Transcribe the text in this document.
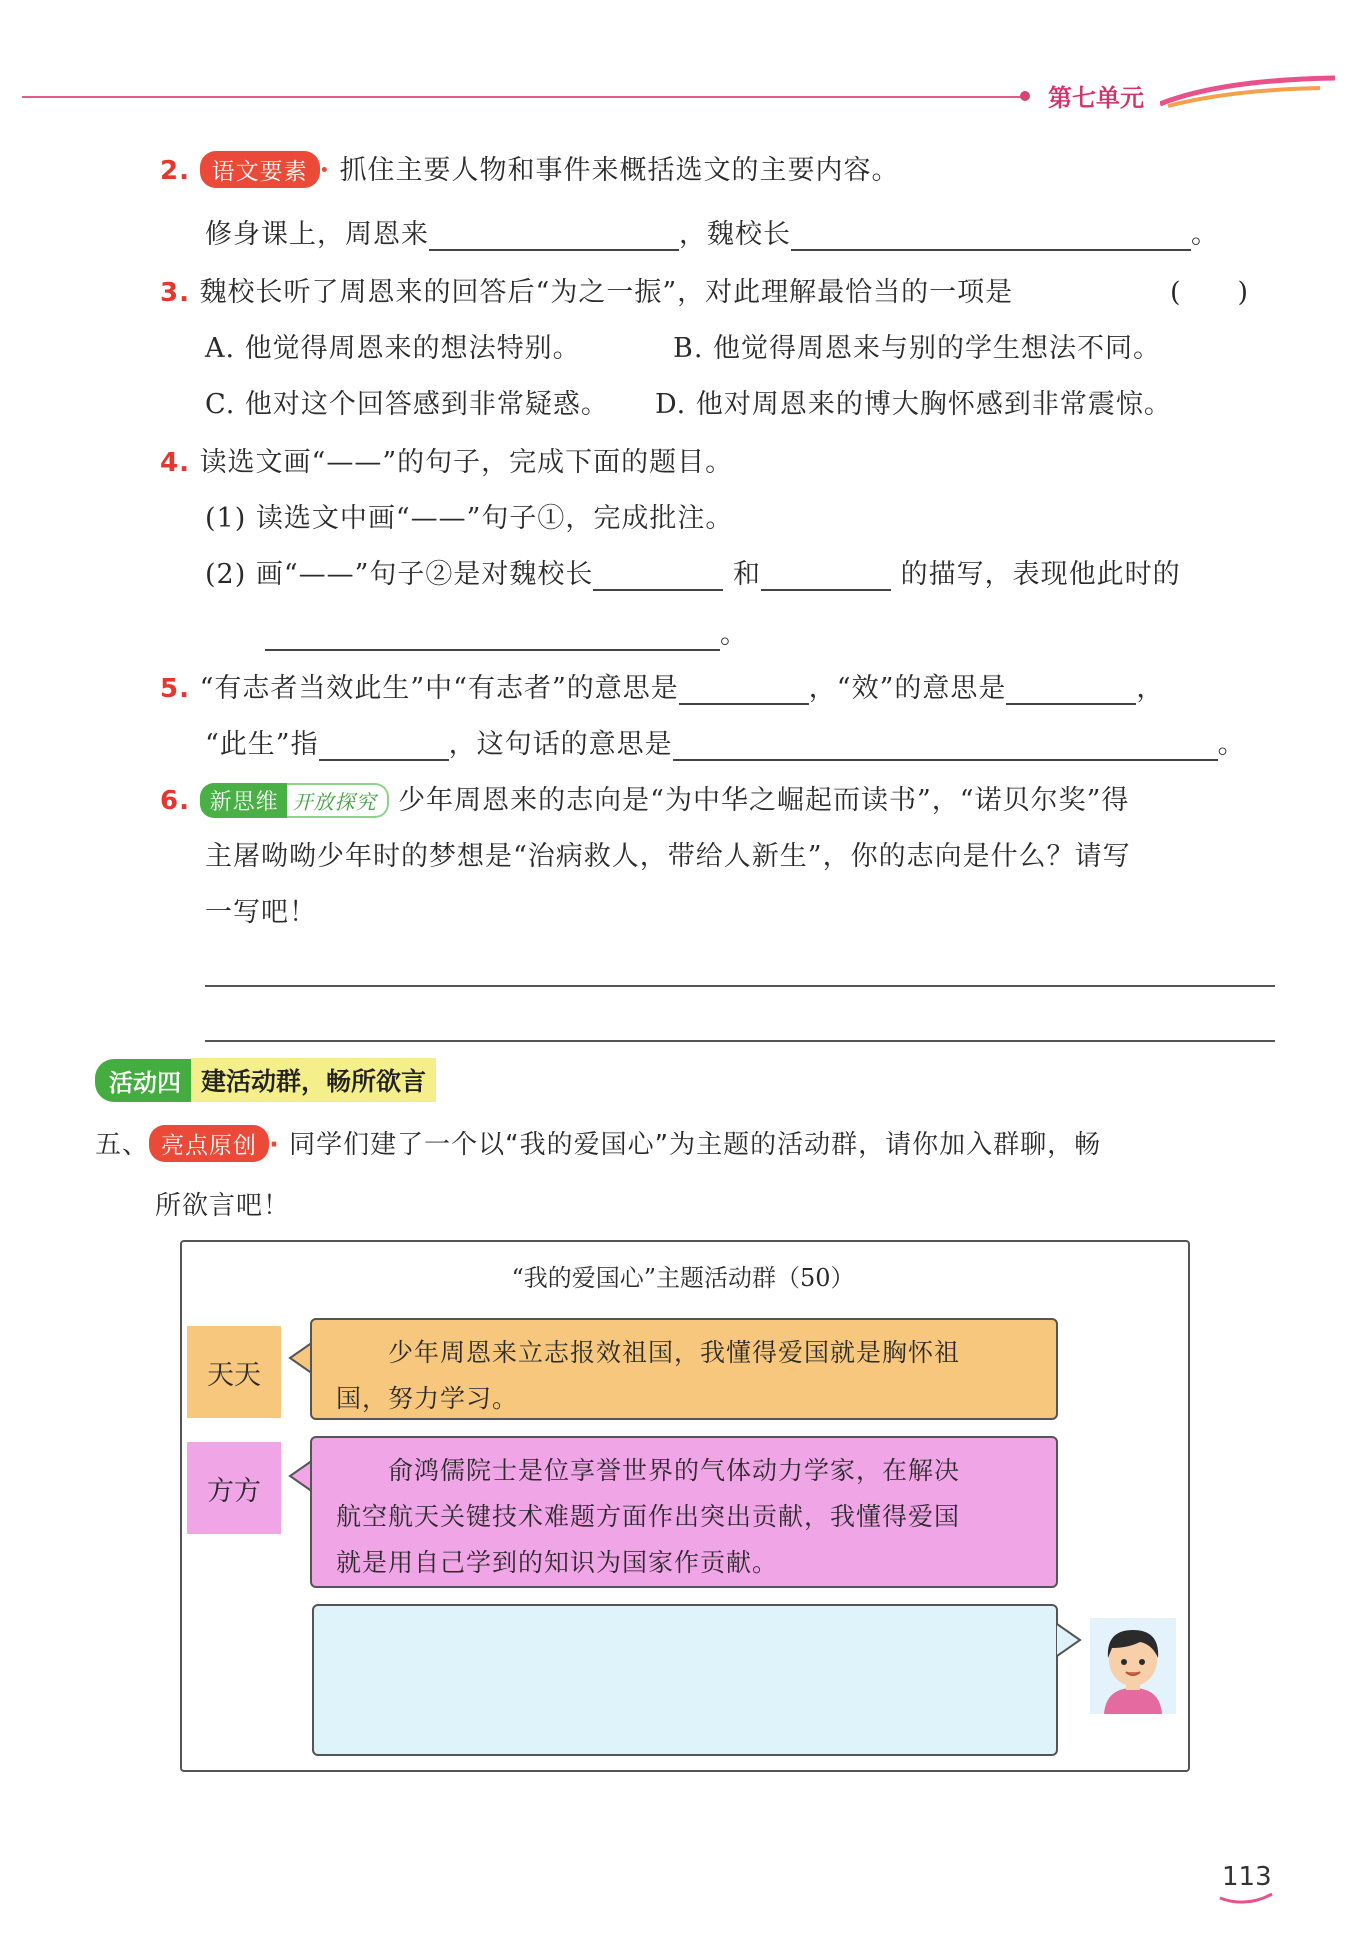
第七单元
2. 语文要素 · 抓住主要人物和事件来概括选文的主要内容。
修身课上，周恩来	，魏校长	。
3. 魏校长听了周恩来的回答后“为之一振”，对此理解最恰当的一项是	(　　)
A. 他觉得周恩来的想法特别。	B. 他觉得周恩来与别的学生想法不同。
C. 他对这个回答感到非常疑惑。 D. 他对周恩来的博大胸怀感到非常震惊。
4. 读选文画“——”的句子，完成下面的题目。
(1) 读选文中画“——”句子①，完成批注。
(2) 画“——”句子②是对魏校长	和	的描写，表现他此时的
。
5. “有志者当效此生”中“有志者”的意思是	，“效”的意思是	，
“此生”指	，这句话的意思是	。
6. 新思维 开放探究 少年周恩来的志向是“为中华之崛起而读书”，“诺贝尔奖”得
主屠呦呦少年时的梦想是“治病救人，带给人新生”，你的志向是什么？请写
一写吧！
活动四 建活动群，畅所欲言
五、 亮点原创 · 同学们建了一个以“我的爱国心”为主题的活动群，请你加入群聊，畅
所欲言吧！
“我的爱国心”主题活动群（50）
天天

　　少年周恩来立志报效祖国，我懂得爱国就是胸怀祖

国，努力学习。

方方

　　俞鸿儒院士是位享誉世界的气体动力学家，在解决

航空航天关键技术难题方面作出突出贡献，我懂得爱国

就是用自己学到的知识为国家作贡献。

113
